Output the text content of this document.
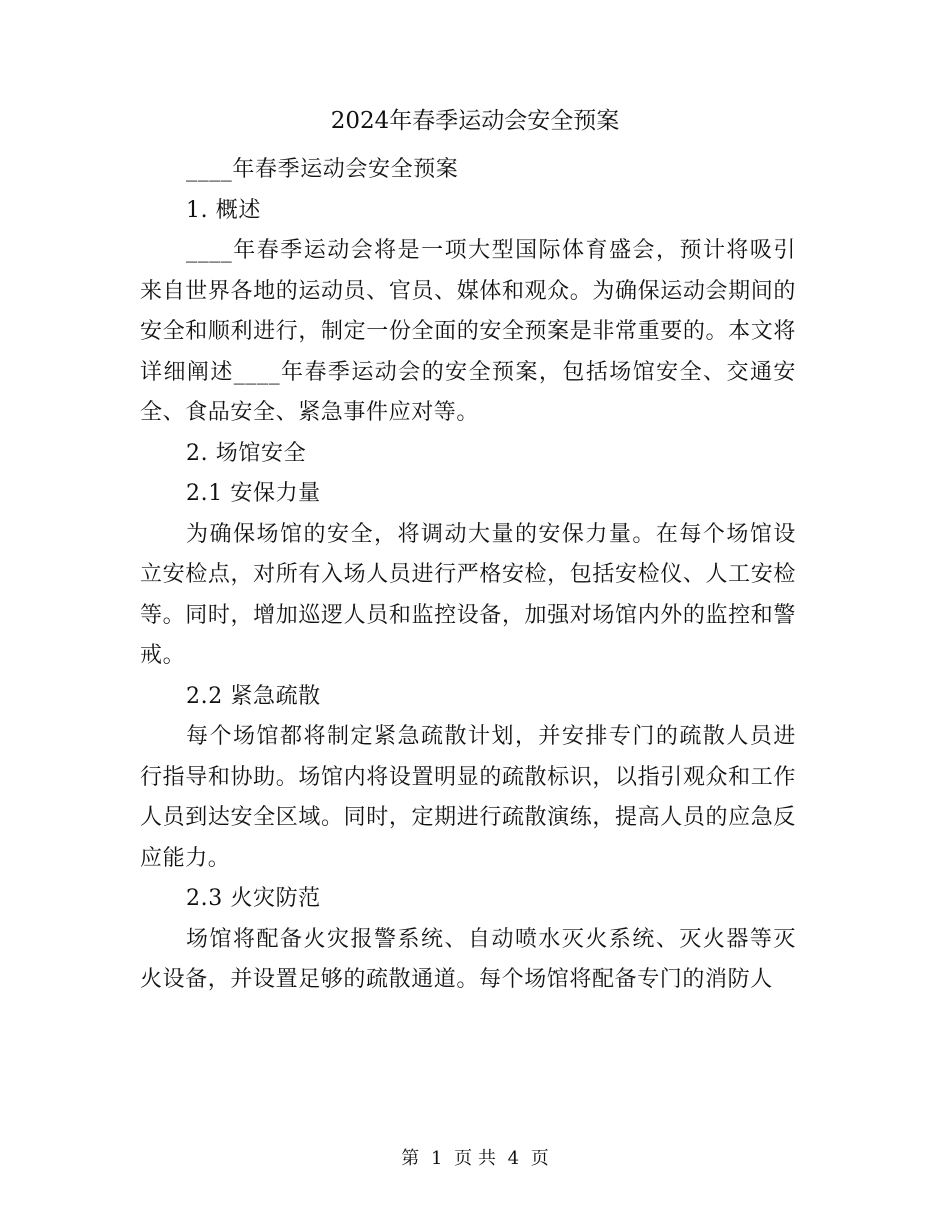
2024年春季运动会安全预案

____年春季运动会安全预案

1. 概述

____年春季运动会将是一项大型国际体育盛会，预计将吸引来自世界各地的运动员、官员、媒体和观众。为确保运动会期间的安全和顺利进行，制定一份全面的安全预案是非常重要的。本文将详细阐述____年春季运动会的安全预案，包括场馆安全、交通安全、食品安全、紧急事件应对等。

2. 场馆安全

2.1 安保力量

为确保场馆的安全，将调动大量的安保力量。在每个场馆设立安检点，对所有入场人员进行严格安检，包括安检仪、人工安检等。同时，增加巡逻人员和监控设备，加强对场馆内外的监控和警戒。

2.2 紧急疏散

每个场馆都将制定紧急疏散计划，并安排专门的疏散人员进行指导和协助。场馆内将设置明显的疏散标识，以指引观众和工作人员到达安全区域。同时，定期进行疏散演练，提高人员的应急反应能力。

2.3 火灾防范

场馆将配备火灾报警系统、自动喷水灭火系统、灭火器等灭火设备，并设置足够的疏散通道。每个场馆将配备专门的消防人

第 1 页 共 4 页
